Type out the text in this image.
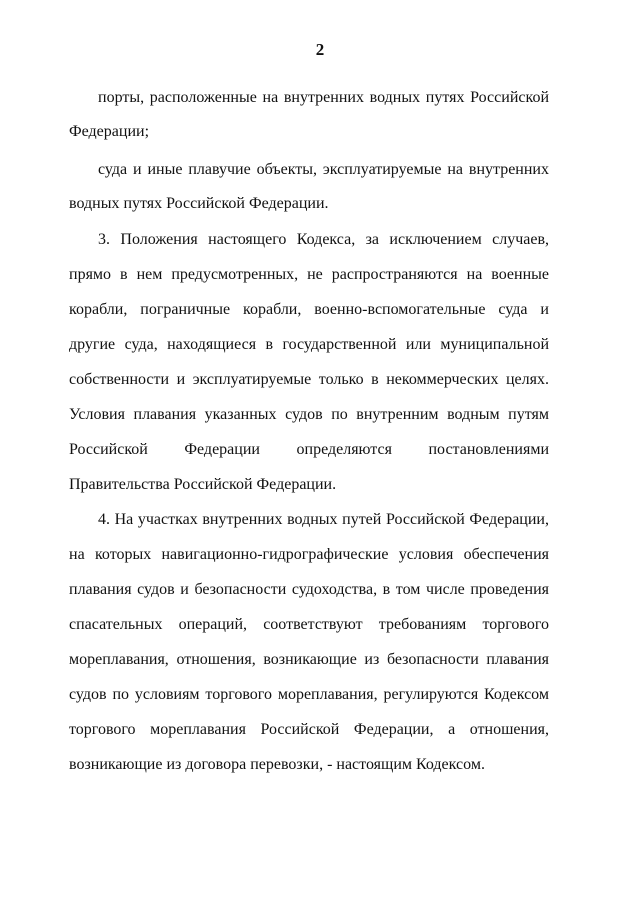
2
порты, расположенные на внутренних водных путях Российской
Федерации;
суда и иные плавучие объекты, эксплуатируемые на внутренних
водных путях Российской Федерации.
3. Положения настоящего Кодекса, за исключением случаев,
прямо в нем предусмотренных, не распространяются на военные
корабли, пограничные корабли, военно-вспомогательные суда и
другие суда, находящиеся в государственной или муниципальной
собственности и эксплуатируемые только в некоммерческих целях.
Условия плавания указанных судов по внутренним водным путям
Российской Федерации определяются постановлениями
Правительства Российской Федерации.
4. На участках внутренних водных путей Российской Федерации,
на которых навигационно-гидрографические условия обеспечения
плавания судов и безопасности судоходства, в том числе проведения
спасательных операций, соответствуют требованиям торгового
мореплавания, отношения, возникающие из безопасности плавания
судов по условиям торгового мореплавания, регулируются Кодексом
торгового мореплавания Российской Федерации, а отношения,
возникающие из договора перевозки, - настоящим Кодексом.
